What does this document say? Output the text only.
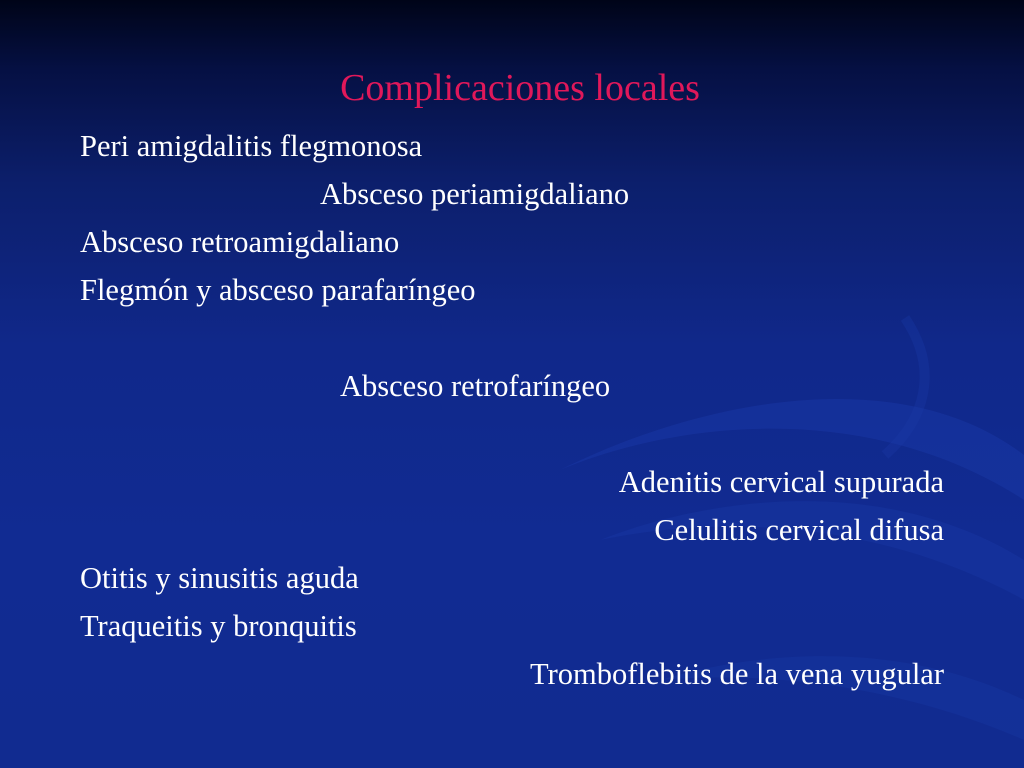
Complicaciones locales
Peri amigdalitis flegmonosa
Absceso periamigdaliano
Absceso retroamigdaliano
Flegmón y absceso parafaríngeo
Absceso retrofaríngeo
Adenitis cervical supurada
Celulitis cervical difusa
Otitis y sinusitis aguda
Traqueitis y bronquitis
Tromboflebitis de la vena yugular
